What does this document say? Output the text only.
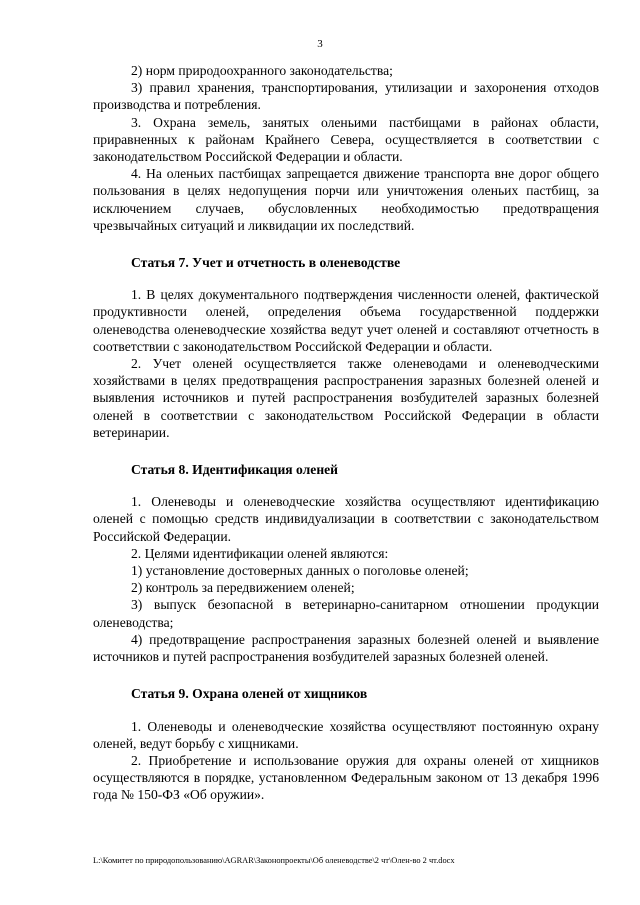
3

2) норм природоохранного законодательства;

3) правил хранения, транспортирования, утилизации и захоронения отходов производства и потребления.

3. Охрана земель, занятых оленьими пастбищами в районах области, приравненных к районам Крайнего Севера, осуществляется в соответствии с законодательством Российской Федерации и области.

4. На оленьих пастбищах запрещается движение транспорта вне дорог общего пользования в целях недопущения порчи или уничтожения оленьих пастбищ, за исключением случаев, обусловленных необходимостью предотвращения чрезвычайных ситуаций и ликвидации их последствий.

Статья 7. Учет и отчетность в оленеводстве

1. В целях документального подтверждения численности оленей, фактической продуктивности оленей, определения объема государственной поддержки оленеводства оленеводческие хозяйства ведут учет оленей и составляют отчетность в соответствии с законодательством Российской Федерации и области.

2. Учет оленей осуществляется также оленеводами и оленеводческими хозяйствами в целях предотвращения распространения заразных болезней оленей и выявления источников и путей распространения возбудителей заразных болезней оленей в соответствии с законодательством Российской Федерации в области ветеринарии.

Статья 8. Идентификация оленей

1. Оленеводы и оленеводческие хозяйства осуществляют идентификацию оленей с помощью средств индивидуализации в соответствии с законодательством Российской Федерации.

2. Целями идентификации оленей являются:

1) установление достоверных данных о поголовье оленей;

2) контроль за передвижением оленей;

3) выпуск безопасной в ветеринарно-санитарном отношении продукции оленеводства;

4) предотвращение распространения заразных болезней оленей и выявление источников и путей распространения возбудителей заразных болезней оленей.

Статья 9. Охрана оленей от хищников

1. Оленеводы и оленеводческие хозяйства осуществляют постоянную охрану оленей, ведут борьбу с хищниками.

2. Приобретение и использование оружия для охраны оленей от хищников осуществляются в порядке, установленном Федеральным законом от 13 декабря 1996 года № 150-ФЗ «Об оружии».

L:\Комитет по природопользованию\AGRAR\Законопроекты\Об оленеводстве\2 чт\Олен-во 2 чт.docx
